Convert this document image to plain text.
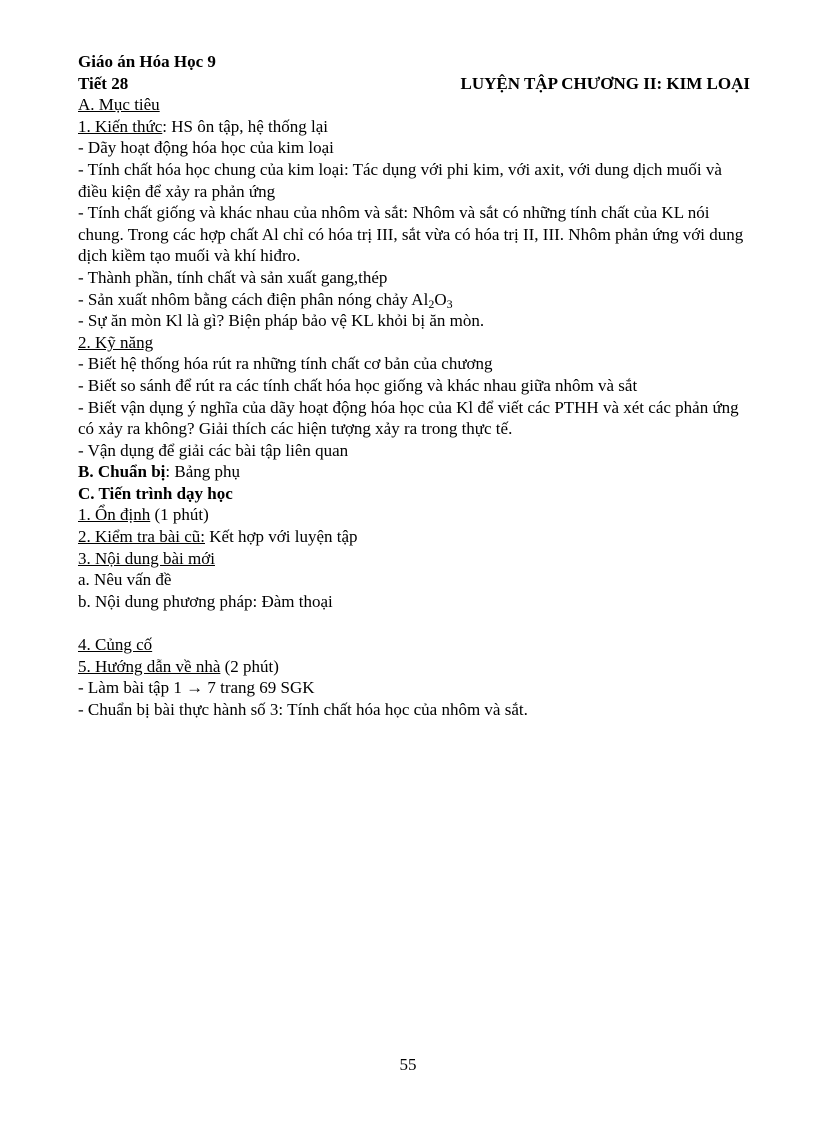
Giáo án Hóa Học 9
Tiết 28	LUYỆN TẬP CHƯƠNG II: KIM LOẠI
A. Mục tiêu
1. Kiến thức: HS ôn tập, hệ thống lại
- Dãy hoạt động hóa học của kim loại
- Tính chất hóa học chung của kim loại: Tác dụng với phi kim, với axit, với dung dịch muối và điều kiện để xảy ra phản ứng
- Tính chất giống và khác nhau của nhôm và sắt: Nhôm và sắt có những tính chất của KL nói chung. Trong các hợp chất Al chỉ có hóa trị III, sắt vừa có hóa trị II, III. Nhôm phản ứng với dung dịch kiềm tạo muối và khí hiđro.
- Thành phần, tính chất và sản xuất gang,thép
- Sản xuất nhôm bằng cách điện phân nóng chảy $Al_2O_3$
- Sự ăn mòn Kl là gì? Biện pháp bảo vệ KL khỏi bị ăn mòn.
2. Kỹ năng
- Biết hệ thống hóa rút ra những tính chất cơ bản của chương
- Biết so sánh để rút ra các tính chất hóa học giống và khác nhau giữa nhôm và sắt
- Biết vận dụng ý nghĩa của dãy hoạt động hóa học của Kl để viết các PTHH và xét các phản ứng có xảy ra không? Giải thích các hiện tượng xảy ra trong thực tế.
- Vận dụng để giải các bài tập liên quan
B. Chuẩn bị: Bảng phụ
C. Tiến trình dạy học
1. Ổn định (1 phút)
2. Kiểm tra bài cũ: Kết hợp với luyện tập
3. Nội dung bài mới
a. Nêu vấn đề
b. Nội dung phương pháp: Đàm thoại
4. Củng cố
5. Hướng dẫn về nhà (2 phút)
- Làm bài tập 1 → 7 trang 69 SGK
- Chuẩn bị bài thực hành số 3: Tính chất hóa học của nhôm và sắt.
55
